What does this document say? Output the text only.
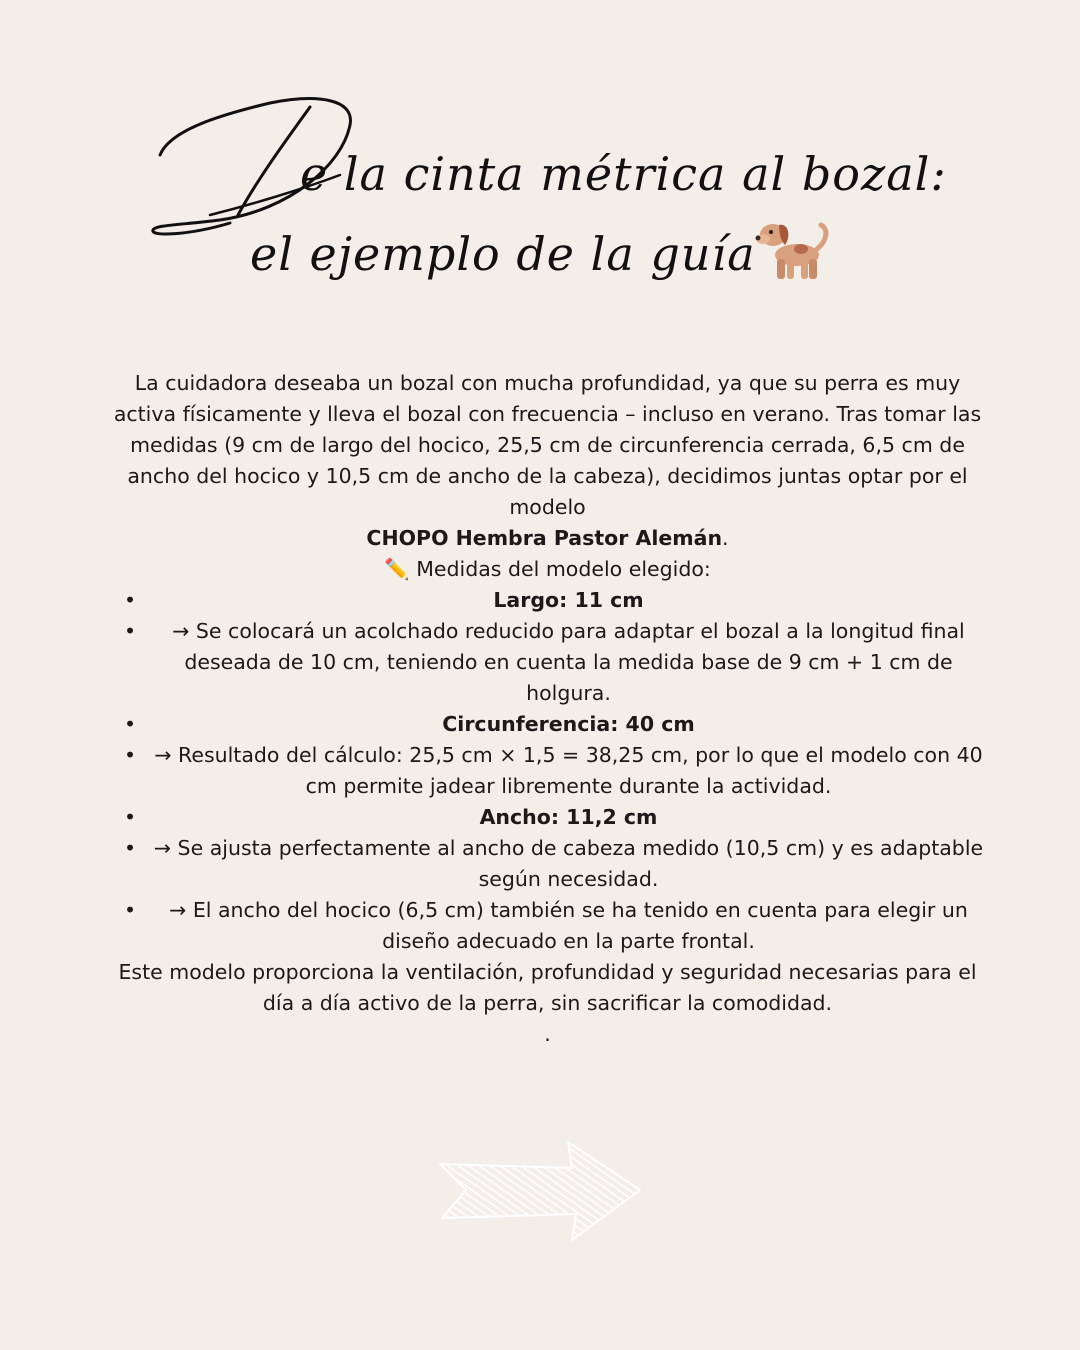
e la cinta métrica al bozal:
el ejemplo de la guía

La cuidadora deseaba un bozal con mucha profundidad, ya que su perra es muy activa físicamente y lleva el bozal con frecuencia – incluso en verano. Tras tomar las medidas (9 cm de largo del hocico, 25,5 cm de circunferencia cerrada, 6,5 cm de ancho del hocico y 10,5 cm de ancho de la cabeza), decidimos juntas optar por el modelo

CHOPO Hembra Pastor Alemán.

✏️ Medidas del modelo elegido:

• Largo: 11 cm
• → Se colocará un acolchado reducido para adaptar el bozal a la longitud final deseada de 10 cm, teniendo en cuenta la medida base de 9 cm + 1 cm de holgura.
• Circunferencia: 40 cm
• → Resultado del cálculo: 25,5 cm × 1,5 = 38,25 cm, por lo que el modelo con 40 cm permite jadear libremente durante la actividad.
• Ancho: 11,2 cm
• → Se ajusta perfectamente al ancho de cabeza medido (10,5 cm) y es adaptable según necesidad.
• → El ancho del hocico (6,5 cm) también se ha tenido en cuenta para elegir un diseño adecuado en la parte frontal.

Este modelo proporciona la ventilación, profundidad y seguridad necesarias para el día a día activo de la perra, sin sacrificar la comodidad.

.
